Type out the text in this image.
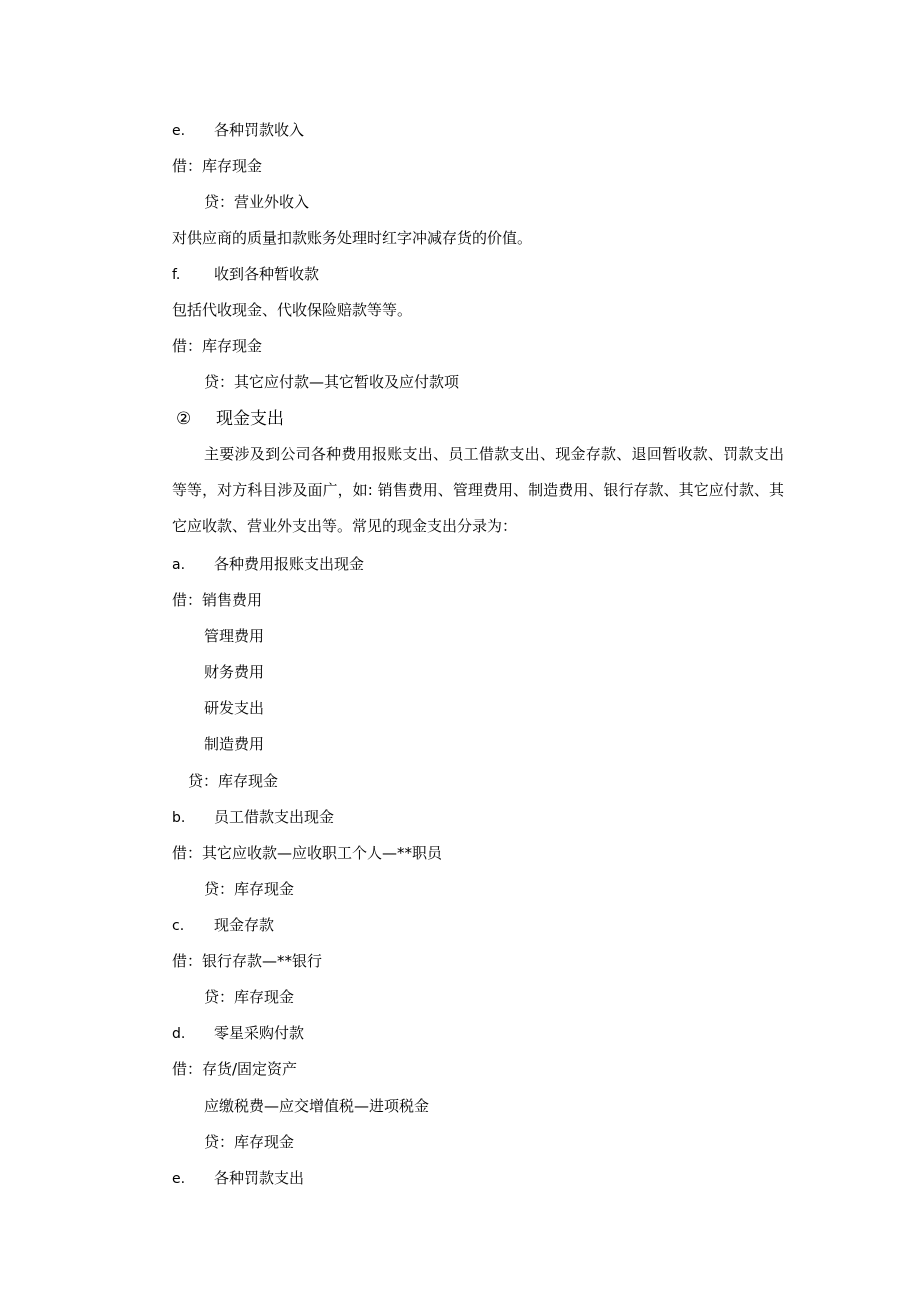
e. 各种罚款收入
借：库存现金
贷：营业外收入
对供应商的质量扣款账务处理时红字冲减存货的价值。
f. 收到各种暂收款
包括代收现金、代收保险赔款等等。
借：库存现金
贷：其它应付款—其它暂收及应付款项
② 现金支出
主要涉及到公司各种费用报账支出、员工借款支出、现金存款、退回暂收款、罚款支出等等，对方科目涉及面广，如: 销售费用、管理费用、制造费用、银行存款、其它应付款、其它应收款、营业外支出等。常见的现金支出分录为：
a. 各种费用报账支出现金
借：销售费用
管理费用
财务费用
研发支出
制造费用
贷：库存现金
b. 员工借款支出现金
借：其它应收款—应收职工个人—**职员
贷：库存现金
c. 现金存款
借：银行存款—**银行
贷：库存现金
d. 零星采购付款
借：存货/固定资产
应缴税费—应交增值税—进项税金
贷：库存现金
e. 各种罚款支出
